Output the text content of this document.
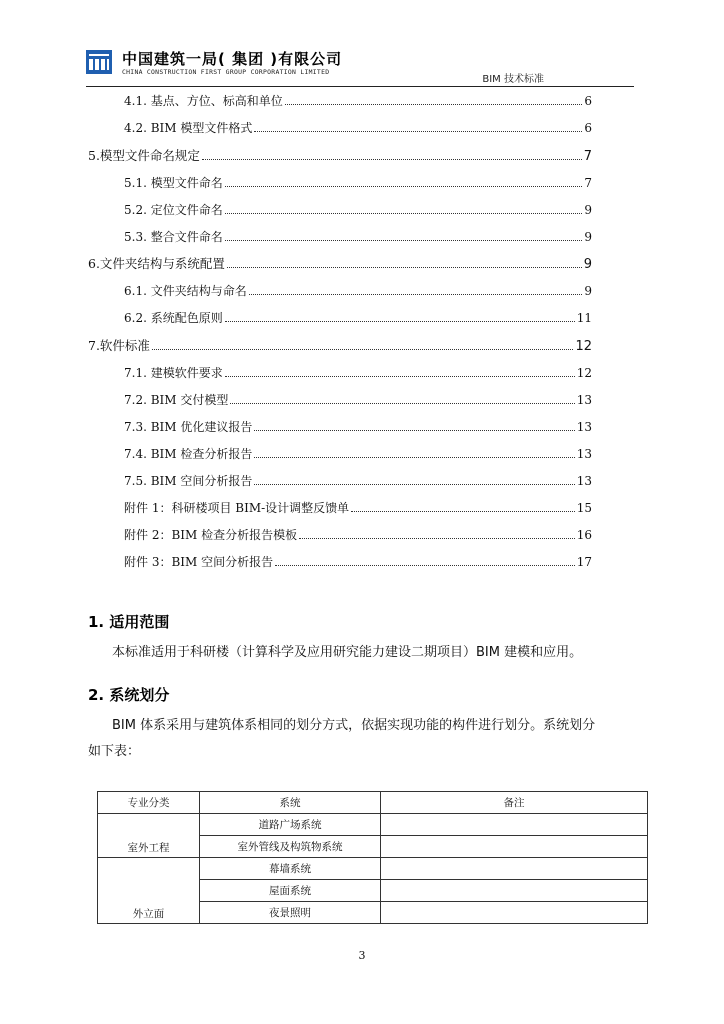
中国建筑一局( 集团 )有限公司
CHINA CONSTRUCTION FIRST GROUP CORPORATION LIMITED
BIM 技术标准
4.1. 基点、方位、标高和单位	6
4.2. BIM 模型文件格式	6
5.模型文件命名规定	7
5.1. 模型文件命名	7
5.2. 定位文件命名	9
5.3. 整合文件命名	9
6.文件夹结构与系统配置	9
6.1. 文件夹结构与命名	9
6.2. 系统配色原则	11
7.软件标准	12
7.1. 建模软件要求	12
7.2. BIM 交付模型	13
7.3. BIM 优化建议报告	13
7.4. BIM 检查分析报告	13
7.5. BIM 空间分析报告	13
附件 1：科研楼项目 BIM-设计调整反馈单	15
附件 2：BIM 检查分析报告模板	16
附件 3：BIM 空间分析报告	17
1. 适用范围
本标准适用于科研楼（计算科学及应用研究能力建设二期项目）BIM 建模和应用。
2. 系统划分
BIM 体系采用与建筑体系相同的划分方式，依据实现功能的构件进行划分。系统划分
如下表：
专业分类	系统	备注
室外工程	道路广场系统	
	室外管线及构筑物系统	
外立面	幕墙系统	
	屋面系统	
	夜景照明	
3
